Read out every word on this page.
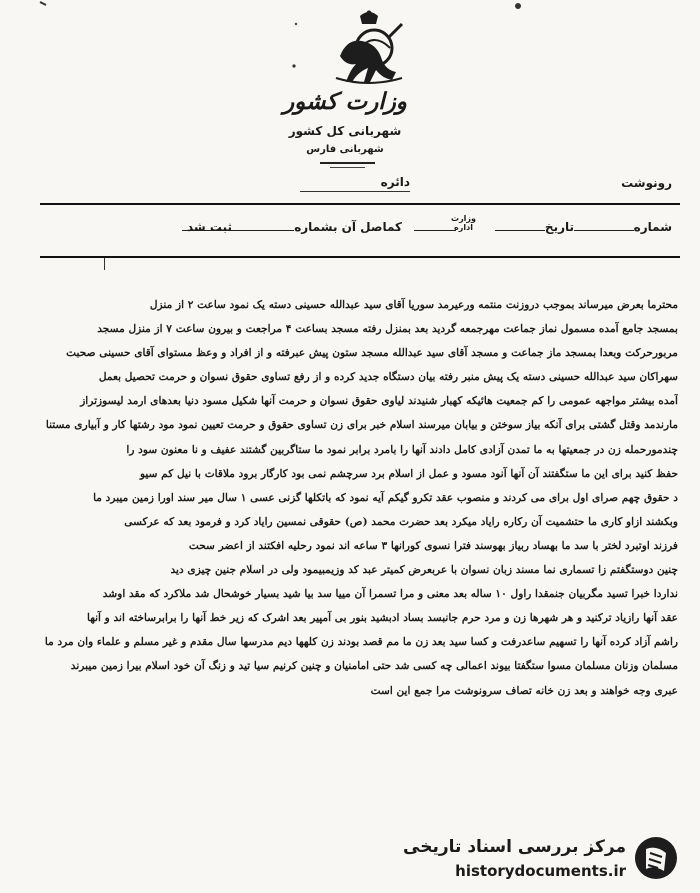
وزارت کشور
شهربانی کل کشور
شهربانی فارس
رونوشت
دائره
شماره
تاریخ
وزارت
اداره
کماصل آن بشماره
ثبت شد

محترما بعرض میرساند بموجب دروزنت منتمه ورعیرمد سوریا آقای سید عبدالله حسینی دسته یک نمود ساعت ۲ از منزل

بمسجد جامع آمده مسمول نماز جماعت مهرجمعه گردید بعد بمنزل رفته مسجد بساعت ۴ مراجعت و بیرون ساعت ۷ از منزل مسجد

مربورحرکت وبعدا بمسجد ماز جماعت و مسجد آقای سید عبدالله مسجد ستون پیش عبرفته و از افراد و وعظ مستوای آقای حسینی صحبت

سهراکان سید عبدالله حسینی دسته یک پیش منبر رفته بیان دستگاه جدید کرده و از رفع تساوی حقوق نسوان و حرمت تحصیل بعمل

آمده بیشتر مواجهه عمومی را کم جمعیت هائیکه کهبار شنیدند لیاوی حقوق نسوان و حرمت آنها شکیل مسود دنیا بعدهای ارمد لیسوزتراز

مارندمد وقتل گشتی برای آنکه بیاز سوختن و بیابان میرسند اسلام خبر برای زن تساوی حقوق و حرمت تعیین نمود مود رشتها کار و آبیاری مستنا

چندمورحمله زن در جمعیتها به ما تمدن آزادی کامل دادند آنها را بامرد برابر نمود ما ستاگربین گشتند عفیف و نا معنون سود را

حفظ کنید برای این ما ستگفتند آن آنها آنود مسود و عمل از اسلام برد سرچشم نمی بود کارگار برود ملاقات با نیل کم سیو

د حقوق چهم صرای اول برای می کردند و منصوب عقد تکرو گیکم آیه نمود که باتکلها گزنی عسی ۱ سال میر سند اورا زمین میبرد ما

وبکشند ازاو کاری ما حتشمیت آن رکاره رایاد میکرد بعد حضرت محمد (ص) حقوقی نمسین رایاد کرد و فرمود بعد که عرکسی

فرزند اوتبرد لختر با سد ما بهساد ربیاز بهوسند فترا نسوی کورانها ۳ ساعه اند نمود رحلیه افکتند از اعضر سحت

چنین دوستگفتم زا تسماری نما مسند زبان نسوان با عربعرض کمیتر عبد کد وزیمبیمود ولی در اسلام جنین چیزی دید

نداردا خبرا تسید مگربیان جنمقدا راول ۱۰ ساله بعد معنی و مرا تسمرا آن مییا سد بیا شید بسیار خوشحال شد ملاکرد که مقد اوشد

عقد آنها رازیاد ترکنید و هر شهرها زن و مرد حرم جانبسد بساد ادبشید بنور بی آمپیر بعد اشرک که زیر خط آنها را برابرساخته اند و آنها

راشم آزاد کرده آنها را تسهیم ساعدرفت و کسا سید بعد زن ما مم قصد بودند زن کلهها دیم مدرسها سال مقدم و غیر مسلم و علماء وان مرد ما

مسلمان وزنان مسلمان مسوا ستگفتا بیوند اعمالی چه کسی شد حتی امامنیان و چنین کرنیم سیا تید و زنگ آن خود اسلام بیرا زمین میبرند

عبری وجه خواهند و بعد زن خانه تصاف سرونوشت مرا جمع این است

مرکز بررسی اسناد تاریخی
historydocuments.ir
